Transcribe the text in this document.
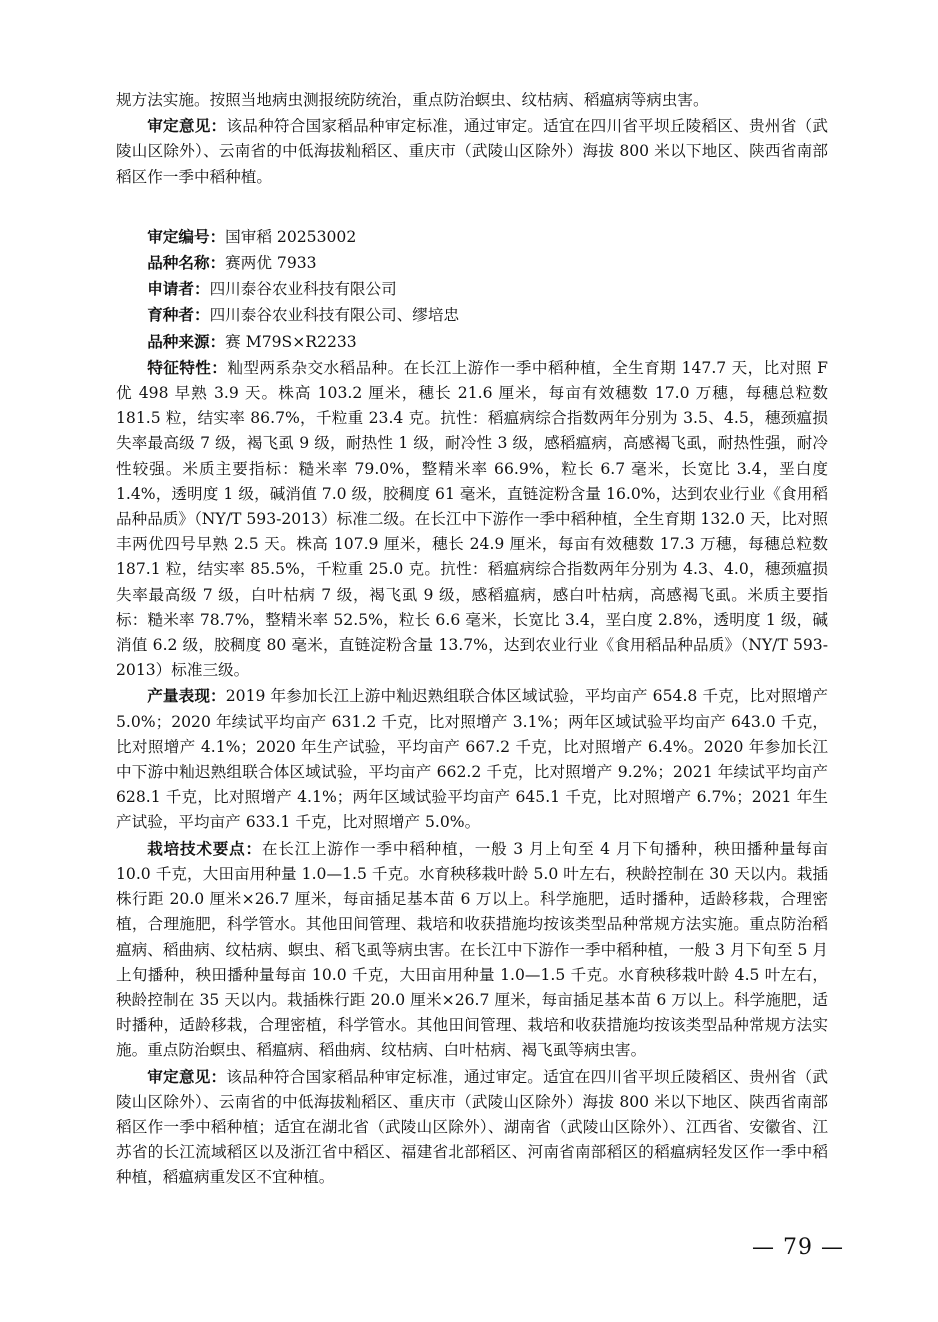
规方法实施。按照当地病虫测报统防统治，重点防治螟虫、纹枯病、稻瘟病等病虫害。

审定意见：该品种符合国家稻品种审定标准，通过审定。适宜在四川省平坝丘陵稻区、贵州省（武陵山区除外）、云南省的中低海拔籼稻区、重庆市（武陵山区除外）海拔 800 米以下地区、陕西省南部稻区作一季中稻种植。

审定编号：国审稻 20253002

品种名称：赛两优 7933

申请者：四川泰谷农业科技有限公司

育种者：四川泰谷农业科技有限公司、缪培忠

品种来源：赛 M79S×R2233

特征特性：籼型两系杂交水稻品种。在长江上游作一季中稻种植，全生育期 147.7 天，比对照 F 优 498 早熟 3.9 天。株高 103.2 厘米，穗长 21.6 厘米，每亩有效穗数 17.0 万穗，每穗总粒数 181.5 粒，结实率 86.7%，千粒重 23.4 克。抗性：稻瘟病综合指数两年分别为 3.5、4.5，穗颈瘟损失率最高级 7 级，褐飞虱 9 级，耐热性 1 级，耐冷性 3 级，感稻瘟病，高感褐飞虱，耐热性强，耐冷性较强。米质主要指标：糙米率 79.0%，整精米率 66.9%，粒长 6.7 毫米，长宽比 3.4，垩白度 1.4%，透明度 1 级，碱消值 7.0 级，胶稠度 61 毫米，直链淀粉含量 16.0%，达到农业行业《食用稻品种品质》（NY/T 593-2013）标准二级。在长江中下游作一季中稻种植，全生育期 132.0 天，比对照丰两优四号早熟 2.5 天。株高 107.9 厘米，穗长 24.9 厘米，每亩有效穗数 17.3 万穗，每穗总粒数 187.1 粒，结实率 85.5%，千粒重 25.0 克。抗性：稻瘟病综合指数两年分别为 4.3、4.0，穗颈瘟损失率最高级 7 级，白叶枯病 7 级，褐飞虱 9 级，感稻瘟病，感白叶枯病，高感褐飞虱。米质主要指标：糙米率 78.7%，整精米率 52.5%，粒长 6.6 毫米，长宽比 3.4，垩白度 2.8%，透明度 1 级，碱消值 6.2 级，胶稠度 80 毫米，直链淀粉含量 13.7%，达到农业行业《食用稻品种品质》（NY/T 593-2013）标准三级。

产量表现：2019 年参加长江上游中籼迟熟组联合体区域试验，平均亩产 654.8 千克，比对照增产 5.0%；2020 年续试平均亩产 631.2 千克，比对照增产 3.1%；两年区域试验平均亩产 643.0 千克，比对照增产 4.1%；2020 年生产试验，平均亩产 667.2 千克，比对照增产 6.4%。2020 年参加长江中下游中籼迟熟组联合体区域试验，平均亩产 662.2 千克，比对照增产 9.2%；2021 年续试平均亩产 628.1 千克，比对照增产 4.1%；两年区域试验平均亩产 645.1 千克，比对照增产 6.7%；2021 年生产试验，平均亩产 633.1 千克，比对照增产 5.0%。

栽培技术要点：在长江上游作一季中稻种植，一般 3 月上旬至 4 月下旬播种，秧田播种量每亩 10.0 千克，大田亩用种量 1.0—1.5 千克。水育秧移栽叶龄 5.0 叶左右，秧龄控制在 30 天以内。栽插株行距 20.0 厘米×26.7 厘米，每亩插足基本苗 6 万以上。科学施肥，适时播种，适龄移栽，合理密植，合理施肥，科学管水。其他田间管理、栽培和收获措施均按该类型品种常规方法实施。重点防治稻瘟病、稻曲病、纹枯病、螟虫、稻飞虱等病虫害。在长江中下游作一季中稻种植，一般 3 月下旬至 5 月上旬播种，秧田播种量每亩 10.0 千克，大田亩用种量 1.0—1.5 千克。水育秧移栽叶龄 4.5 叶左右，秧龄控制在 35 天以内。栽插株行距 20.0 厘米×26.7 厘米，每亩插足基本苗 6 万以上。科学施肥，适时播种，适龄移栽，合理密植，科学管水。其他田间管理、栽培和收获措施均按该类型品种常规方法实施。重点防治螟虫、稻瘟病、稻曲病、纹枯病、白叶枯病、褐飞虱等病虫害。

审定意见：该品种符合国家稻品种审定标准，通过审定。适宜在四川省平坝丘陵稻区、贵州省（武陵山区除外）、云南省的中低海拔籼稻区、重庆市（武陵山区除外）海拔 800 米以下地区、陕西省南部稻区作一季中稻种植；适宜在湖北省（武陵山区除外）、湖南省（武陵山区除外）、江西省、安徽省、江苏省的长江流域稻区以及浙江省中稻区、福建省北部稻区、河南省南部稻区的稻瘟病轻发区作一季中稻种植，稻瘟病重发区不宜种植。

— 79 —
